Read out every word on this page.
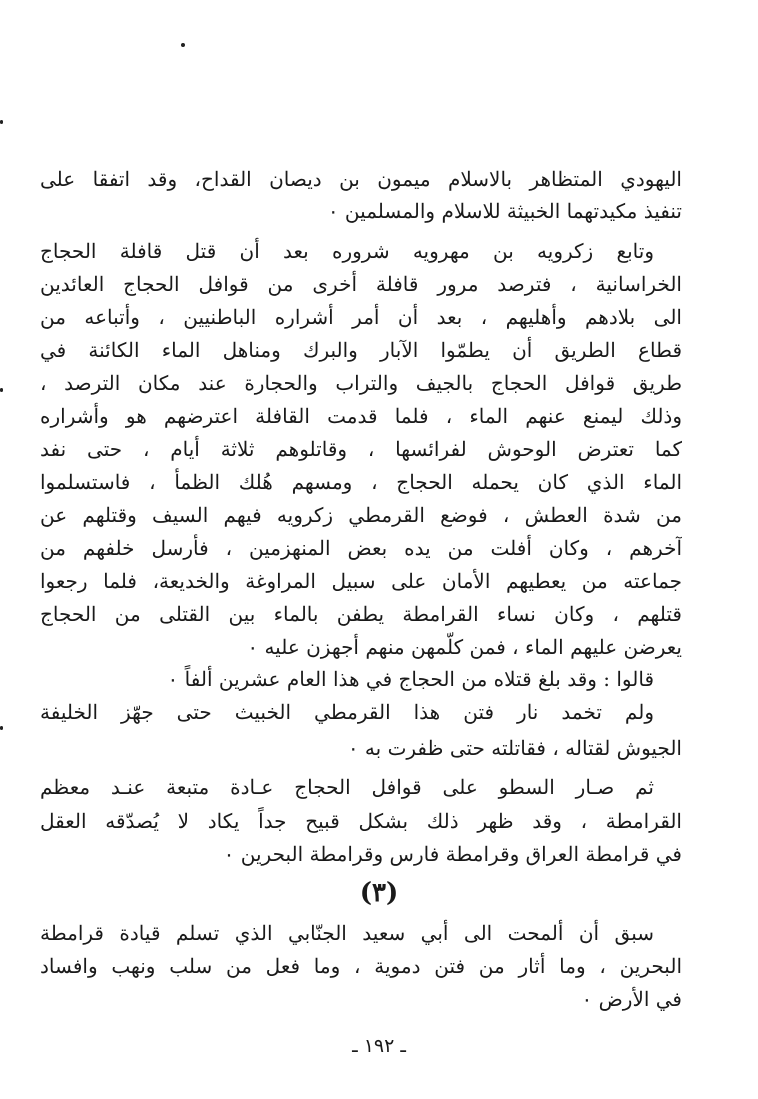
اليهودي المتظاهر بالاسلام ميمون بن ديصان القداح، وقد اتفقا على
تنفيذ مكيدتهما الخبيثة للاسلام والمسلمين ٠
وتابع زكرويه بن مهرويه شروره بعد أن قتل قافلة الحجاج
الخراسانية ، فترصد مرور قافلة أخرى من قوافل الحجاج العائدين
الى بلادهم وأهليهم ، بعد أن أمر أشراره الباطنيين ، وأتباعه من
قطاع الطريق أن يطمّوا الآبار والبرك ومناهل الماء الكائنة في
طريق قوافل الحجاج بالجيف والتراب والحجارة عند مكان الترصد ،
وذلك ليمنع عنهم الماء ، فلما قدمت القافلة اعترضهم هو وأشراره
كما تعترض الوحوش لفرائسها ، وقاتلوهم ثلاثة أيام ، حتى نفد
الماء الذي كان يحمله الحجاج ، ومسهم هُلك الظمأ ، فاستسلموا
من شدة العطش ، فوضع القرمطي زكرويه فيهم السيف وقتلهم عن
آخرهم ، وكان أفلت من يده بعض المنهزمين ، فأرسل خلفهم من
جماعته من يعطيهم الأمان على سبيل المراوغة والخديعة، فلما رجعوا
قتلهم ، وكان نساء القرامطة يطفن بالماء بين القتلى من الحجاج
يعرضن عليهم الماء ، فمن كلّمهن منهم أجهزن عليه ٠
قالوا : وقد بلغ قتلاه من الحجاج في هذا العام عشرين ألفاً ٠
ولم تخمد نار فتن هذا القرمطي الخبيث حتى جهّز الخليفة
الجيوش لقتاله ، فقاتلته حتى ظفرت به ٠
ثم صـار السطو على قوافل الحجاج عـادة متبعة عنـد معظم
القرامطة ، وقد ظهر ذلك بشكل قبيح جداً يكاد لا يُصدّقه العقل
في قرامطة العراق وقرامطة فارس وقرامطة البحرين ٠
(٣)
سبق أن ألمحت الى أبي سعيد الجنّابي الذي تسلم قيادة قرامطة
البحرين ، وما أثار من فتن دموية ، وما فعل من سلب ونهب وافساد
في الأرض ٠
ـ ١٩٢ ـ
